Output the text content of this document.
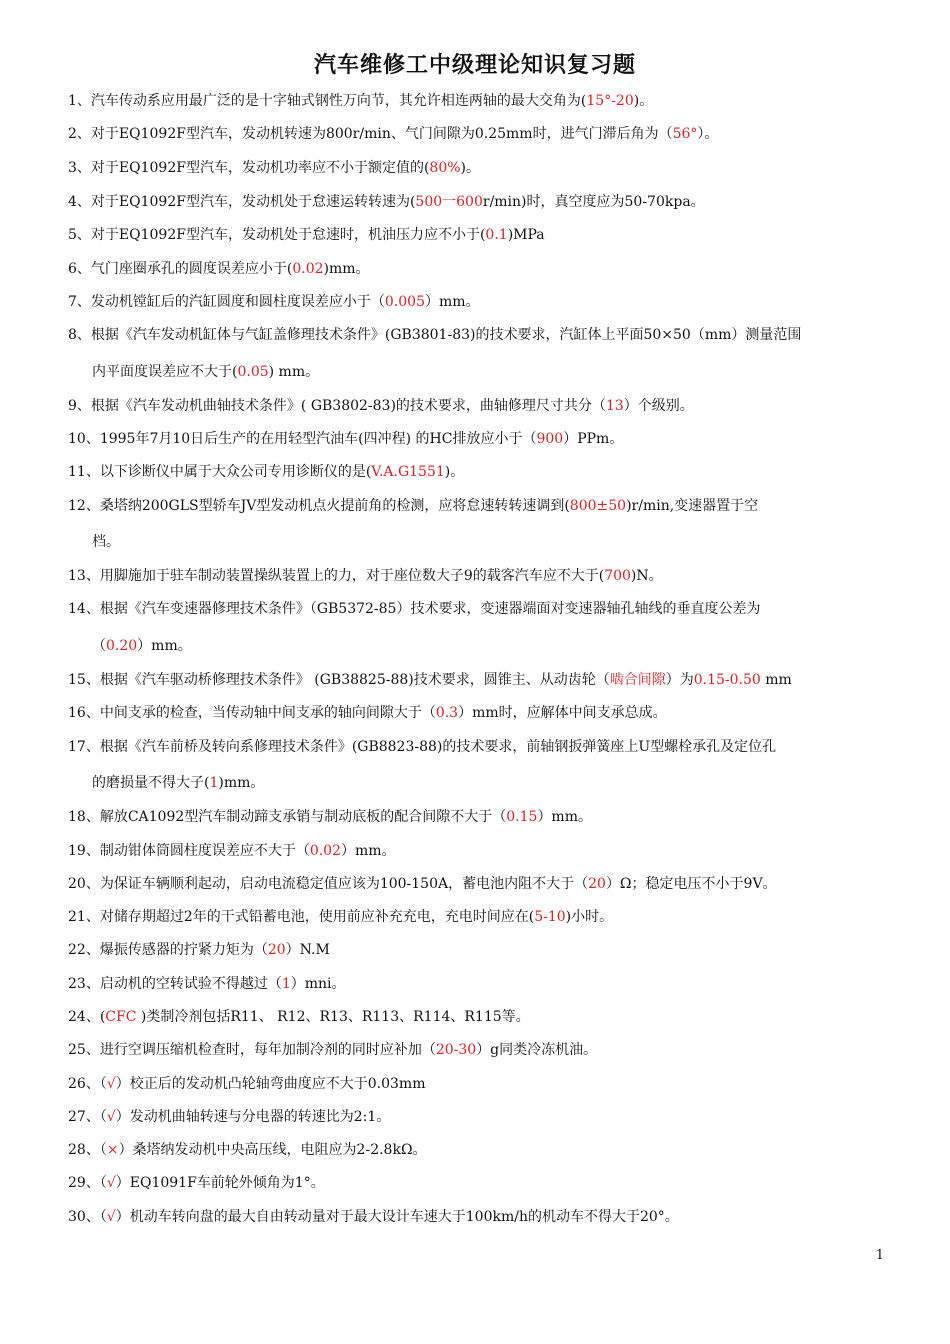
汽车维修工中级理论知识复习题
1、汽车传动系应用最广泛的是十字轴式钢性万向节，其允许相连两轴的最大交角为(15°-20)。
2、对于EQ1092F型汽车，发动机转速为800r/min、气门间隙为0.25mm时，进气门滞后角为（56°）。
3、对于EQ1092F型汽车，发动机功率应不小于额定值的(80%)。
4、对于EQ1092F型汽车，发动机处于怠速运转转速为(500一600r/min)时，真空度应为50-70kpa。
5、对于EQ1092F型汽车，发动机处于怠速时，机油压力应不小于(0.1)MPa
6、气门座圈承孔的圆度误差应小于(0.02)mm。
7、发动机镗缸后的汽缸圆度和圆柱度误差应小于（0.005）mm。
8、根据《汽车发动机缸体与气缸盖修理技术条件》(GB3801-83)的技术要求，汽缸体上平面50×50（mm）测量范围
内平面度误差应不大于(0.05) mm。
9、根据《汽车发动机曲轴技术条件》( GB3802-83)的技术要求，曲轴修理尺寸共分（13）个级别。
10、1995年7月10日后生产的在用轻型汽油车(四冲程) 的HC排放应小于（900）PPm。
11、以下诊断仪中属于大众公司专用诊断仪的是(V.A.G1551)。
12、桑塔纳200GLS型轿车JV型发动机点火提前角的检测，应将怠速转转速调到(800±50)r/min,变速器置于空
档。
13、用脚施加于驻车制动装置操纵装置上的力，对于座位数大子9的载客汽车应不大于(700)N。
14、根据《汽车变速器修理技术条件》（GB5372-85）技术要求，变速器端面对变速器轴孔轴线的垂直度公差为
（0.20）mm。
15、根据《汽车驱动桥修理技术条件》 (GB38825-88)技术要求，圆锥主、从动齿轮（啮合间隙）为0.15-0.50 mm
16、中间支承的检查，当传动轴中间支承的轴向间隙大于（0.3）mm时，应解体中间支承总成。
17、根据《汽车前桥及转向系修理技术条件》(GB8823-88)的技术要求，前轴钢扳弹簧座上U型螺栓承孔及定位孔
的磨损量不得大子(1)mm。
18、解放CA1092型汽车制动蹄支承销与制动底板的配合间隙不大于（0.15）mm。
19、制动钳体筒圆柱度误差应不大于（0.02）mm。
20、为保证车辆顺利起动，启动电流稳定值应该为100-150A，蓄电池内阻不大于（20）Ω；稳定电压不小于9V。
21、对储存期超过2年的干式铅蓄电池，使用前应补充充电，充电时间应在(5-10)小时。
22、爆振传感器的拧紧力矩为（20）N.M
23、启动机的空转试验不得越过（1）mni。
24、(CFC )类制冷剂包括R11、 R12、R13、R113、R114、R115等。
25、进行空调压缩机检查时，每年加制冷剂的同时应补加（20-30）g同类冷冻机油。
26、（√）校正后的发动机凸轮轴弯曲度应不大于0.03mm
27、（√）发动机曲轴转速与分电器的转速比为2:1。
28、（×）桑塔纳发动机中央高压线，电阻应为2-2.8kΩ。
29、（√）EQ1091F车前轮外倾角为1°。
30、（√）机动车转向盘的最大自由转动量对于最大设计车速大于100km/h的机动车不得大于20°。
1
